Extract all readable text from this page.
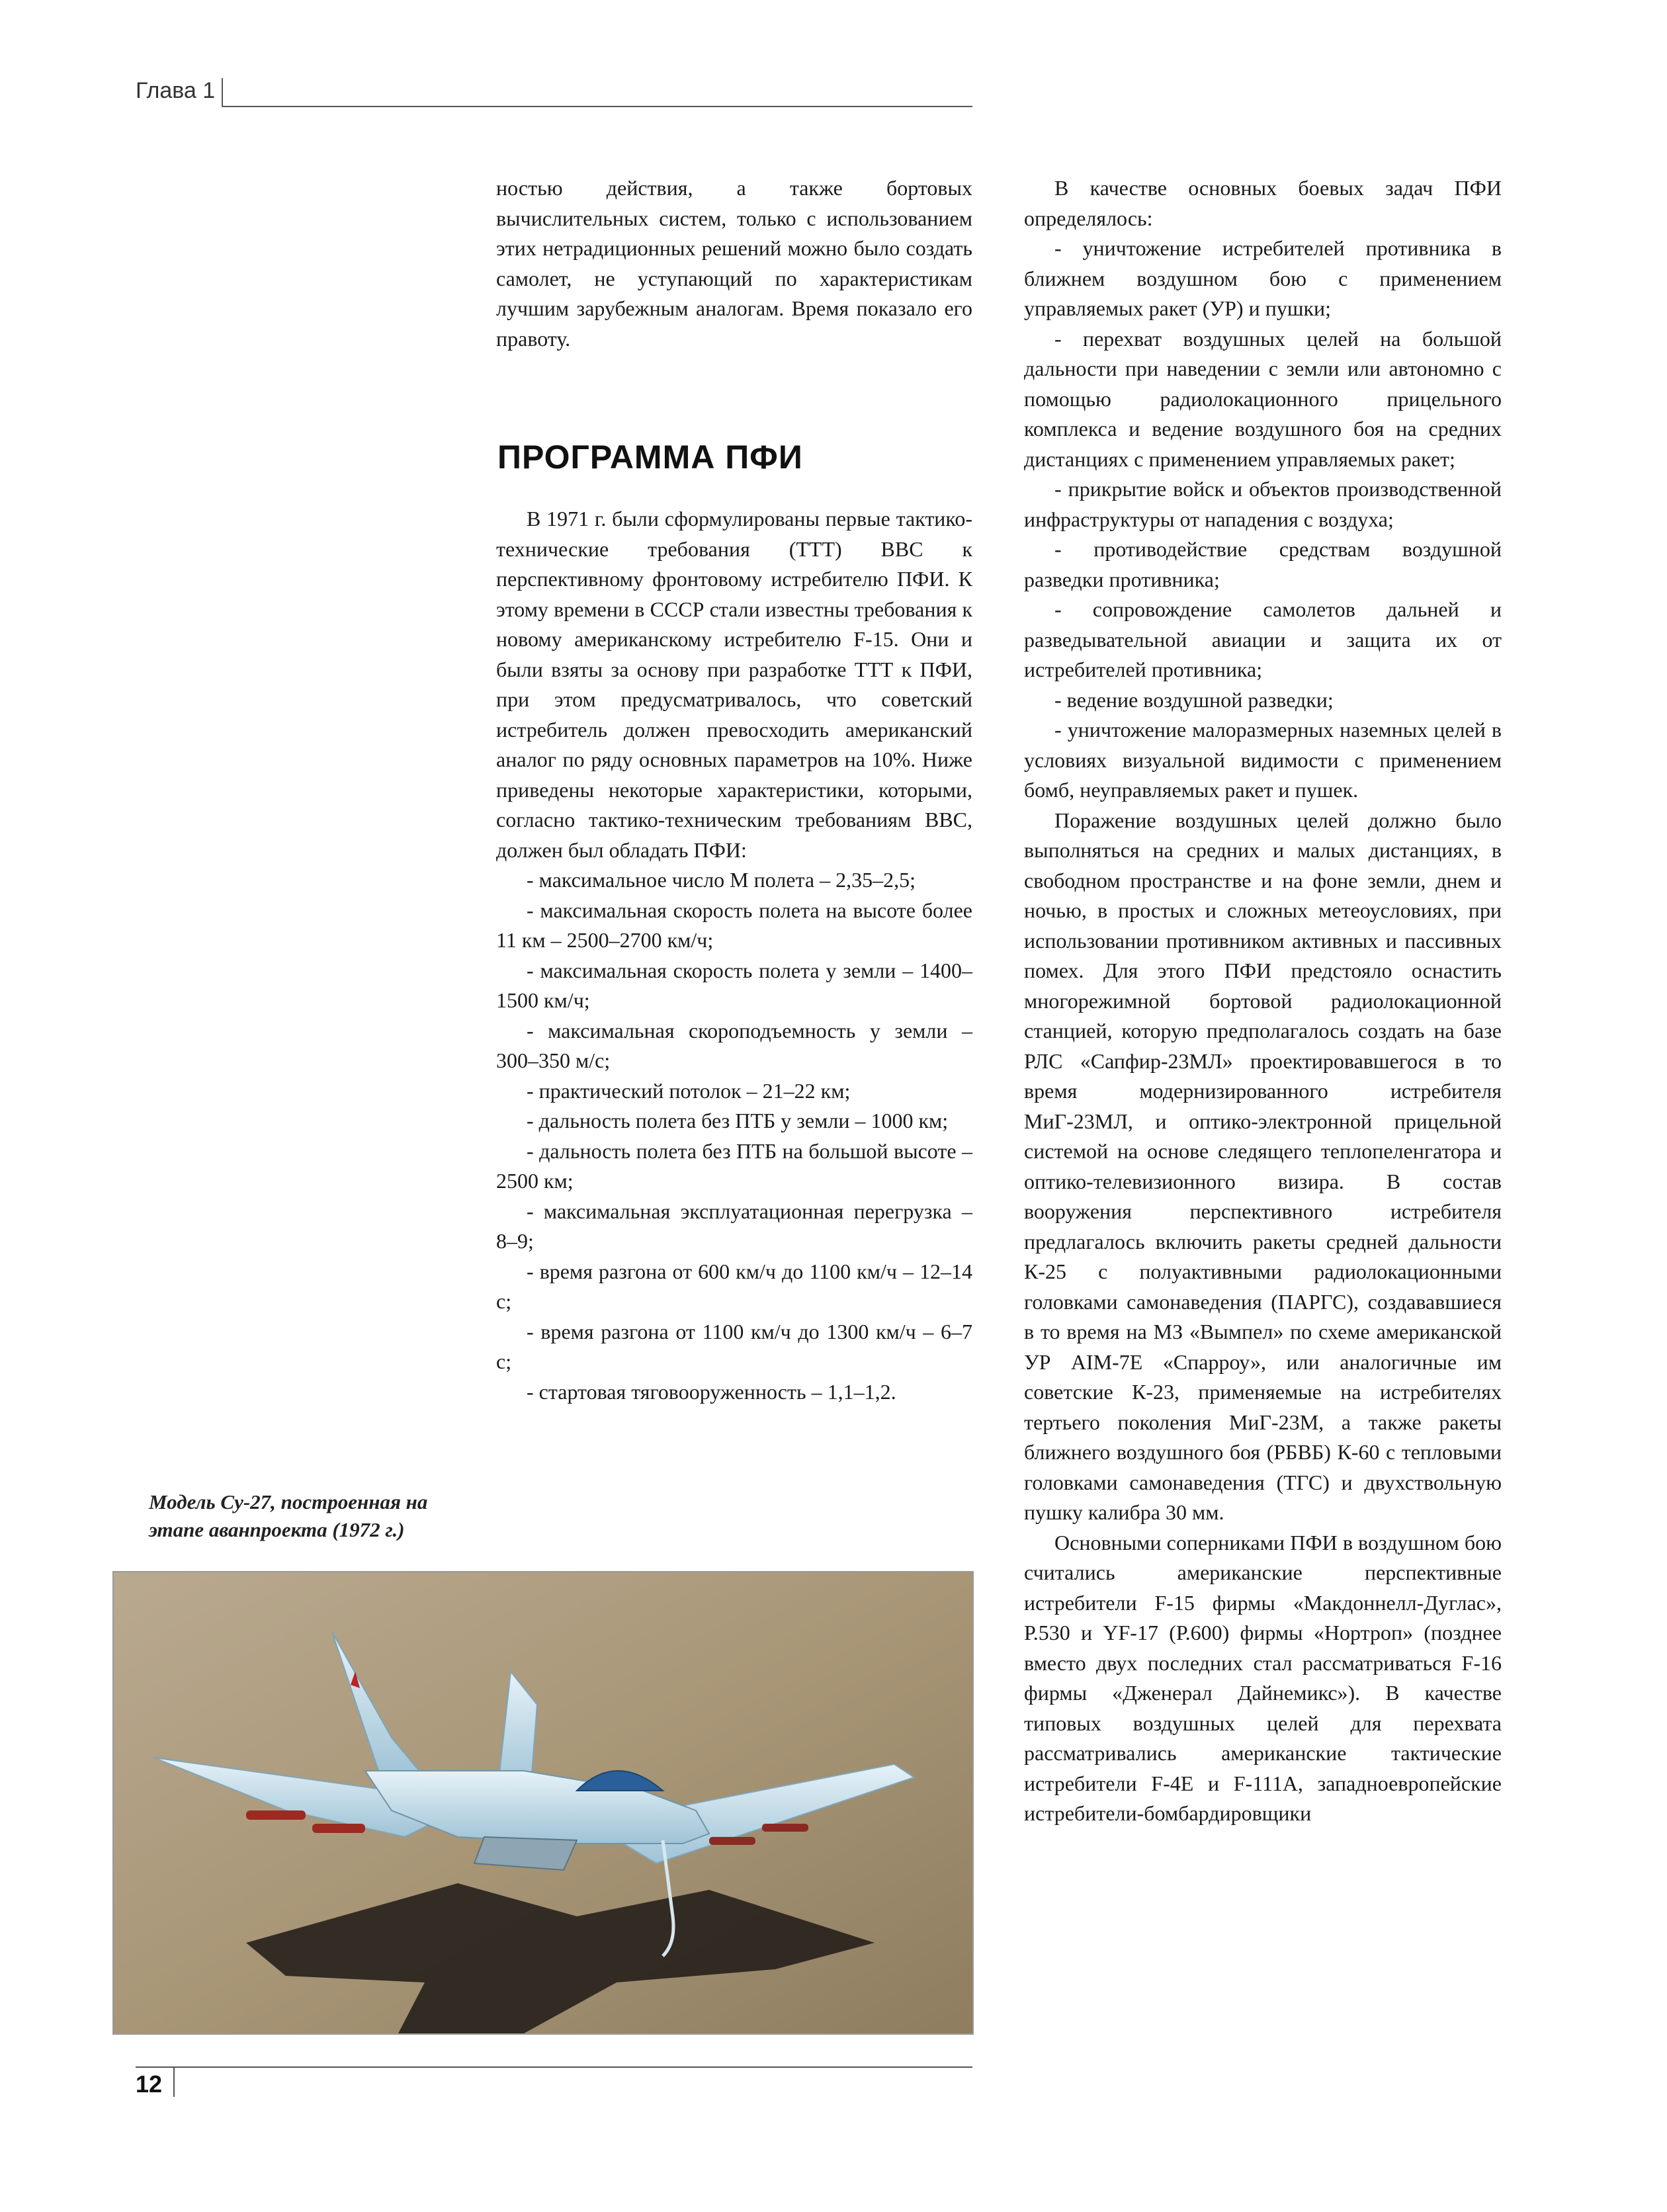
Глава 1

ностью действия, а также бортовых вычислительных систем, только с использованием этих нетрадиционных решений можно было создать самолет, не уступающий по характеристикам лучшим зарубежным аналогам. Время показало его правоту.

ПРОГРАММА ПФИ

В 1971 г. были сформулированы первые тактико-технические требования (ТТТ) ВВС к перспективному фронтовому истребителю ПФИ. К этому времени в СССР стали известны требования к новому американскому истребителю F-15. Они и были взяты за основу при разработке ТТТ к ПФИ, при этом предусматривалось, что советский истребитель должен превосходить американский аналог по ряду основных параметров на 10%. Ниже приведены некоторые характеристики, которыми, согласно тактико-техническим требованиям ВВС, должен был обладать ПФИ:

- максимальное число М полета – 2,35–2,5;

- максимальная скорость полета на высоте более 11 км – 2500–2700 км/ч;

- максимальная скорость полета у земли – 1400–1500 км/ч;

- максимальная скороподъемность у земли – 300–350 м/с;

- практический потолок – 21–22 км;

- дальность полета без ПТБ у земли – 1000 км;

- дальность полета без ПТБ на большой высоте – 2500 км;

- максимальная эксплуатационная перегрузка – 8–9;

- время разгона от 600 км/ч до 1100 км/ч – 12–14 с;

- время разгона от 1100 км/ч до 1300 км/ч – 6–7 с;

- стартовая тяговооруженность – 1,1–1,2.

В качестве основных боевых задач ПФИ определялось:

- уничтожение истребителей противника в ближнем воздушном бою с применением управляемых ракет (УР) и пушки;

- перехват воздушных целей на большой дальности при наведении с земли или автономно с помощью радиолокационного прицельного комплекса и ведение воздушного боя на средних дистанциях с применением управляемых ракет;

- прикрытие войск и объектов производственной инфраструктуры от нападения с воздуха;

- противодействие средствам воздушной разведки противника;

- сопровождение самолетов дальней и разведывательной авиации и защита их от истребителей противника;

- ведение воздушной разведки;

- уничтожение малоразмерных наземных целей в условиях визуальной видимости с применением бомб, неуправляемых ракет и пушек.

Поражение воздушных целей должно было выполняться на средних и малых дистанциях, в свободном пространстве и на фоне земли, днем и ночью, в простых и сложных метеоусловиях, при использовании противником активных и пассивных помех. Для этого ПФИ предстояло оснастить многорежимной бортовой радиолокационной станцией, которую предполагалось создать на базе РЛС «Сапфир-23МЛ» проектировавшегося в то время модернизированного истребителя МиГ-23МЛ, и оптико-электронной прицельной системой на основе следящего теплопеленгатора и оптико-телевизионного визира. В состав вооружения перспективного истребителя предлагалось включить ракеты средней дальности К-25 с полуактивными радиолокационными головками самонаведения (ПАРГС), создававшиеся в то время на МЗ «Вымпел» по схеме американской УР AIM-7E «Спарроу», или аналогичные им советские К-23, применяемые на истребителях тертьего поколения МиГ-23М, а также ракеты ближнего воздушного боя (РБВБ) К-60 с тепловыми головками самонаведения (ТГС) и двухствольную пушку калибра 30 мм.

Основными соперниками ПФИ в воздушном бою считались американские перспективные истребители F-15 фирмы «Макдоннелл-Дуглас», Р.530 и YF-17 (Р.600) фирмы «Нортроп» (позднее вместо двух последних стал рассматриваться F-16 фирмы «Дженерал Дайнемикс»). В качестве типовых воздушных целей для перехвата рассматривались американские тактические истребители F-4E и F-111A, западноевропейские истребители-бомбардировщики

Модель Су-27, построенная на этапе аванпроекта (1972 г.)
12
